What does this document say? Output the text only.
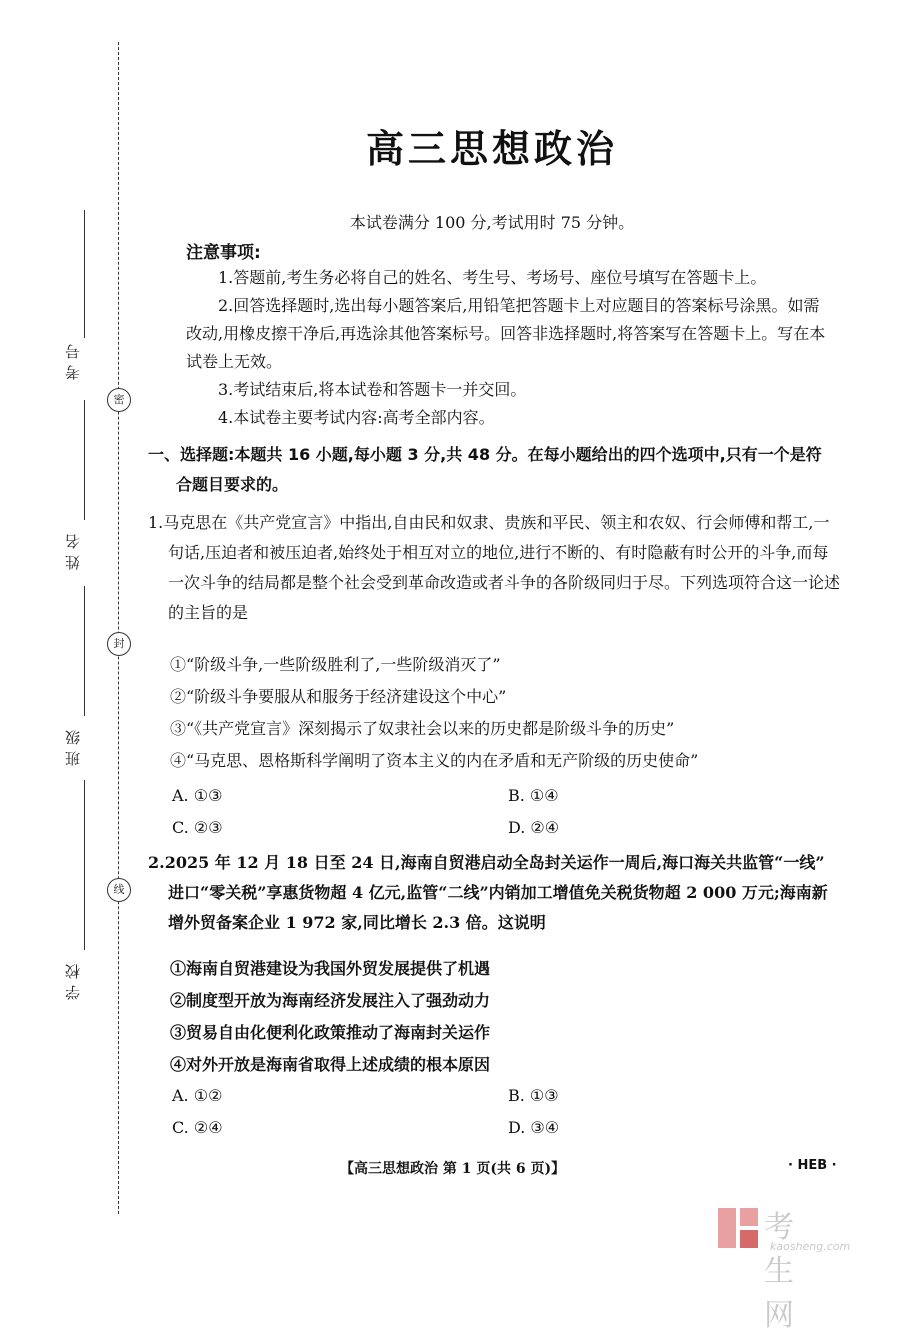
密
封
线
考号
姓名
班级
学校
高三思想政治
本试卷满分 100 分,考试用时 75 分钟。
注意事项:

1.答题前,考生务必将自己的姓名、考生号、考场号、座位号填写在答题卡上。

2.回答选择题时,选出每小题答案后,用铅笔把答题卡上对应题目的答案标号涂黑。如需改动,用橡皮擦干净后,再选涂其他答案标号。回答非选择题时,将答案写在答题卡上。写在本试卷上无效。

3.考试结束后,将本试卷和答题卡一并交回。

4.本试卷主要考试内容:高考全部内容。

一、选择题:本题共 16 小题,每小题 3 分,共 48 分。在每小题给出的四个选项中,只有一个是符
合题目要求的。
1.马克思在《共产党宣言》中指出,自由民和奴隶、贵族和平民、领主和农奴、行会师傅和帮工,一
句话,压迫者和被压迫者,始终处于相互对立的地位,进行不断的、有时隐蔽有时公开的斗争,而每一次斗争的结局都是整个社会受到革命改造或者斗争的各阶级同归于尽。下列选项符合这一论述的主旨的是
①“阶级斗争,一些阶级胜利了,一些阶级消灭了”
②“阶级斗争要服从和服务于经济建设这个中心”
③“《共产党宣言》深刻揭示了奴隶社会以来的历史都是阶级斗争的历史”
④“马克思、恩格斯科学阐明了资本主义的内在矛盾和无产阶级的历史使命”
A. ①③	B. ①④
C. ②③	D. ②④
2.2025 年 12 月 18 日至 24 日,海南自贸港启动全岛封关运作一周后,海口海关共监管“一线”
进口“零关税”享惠货物超 4 亿元,监管“二线”内销加工增值免关税货物超 2 000 万元;海南新增外贸备案企业 1 972 家,同比增长 2.3 倍。这说明
①海南自贸港建设为我国外贸发展提供了机遇
②制度型开放为海南经济发展注入了强劲动力
③贸易自由化便利化政策推动了海南封关运作
④对外开放是海南省取得上述成绩的根本原因
A. ①②	B. ①③
C. ②④	D. ③④
【高三思想政治 第 1 页(共 6 页)】	· HEB ·
考生网
kaosheng.com
